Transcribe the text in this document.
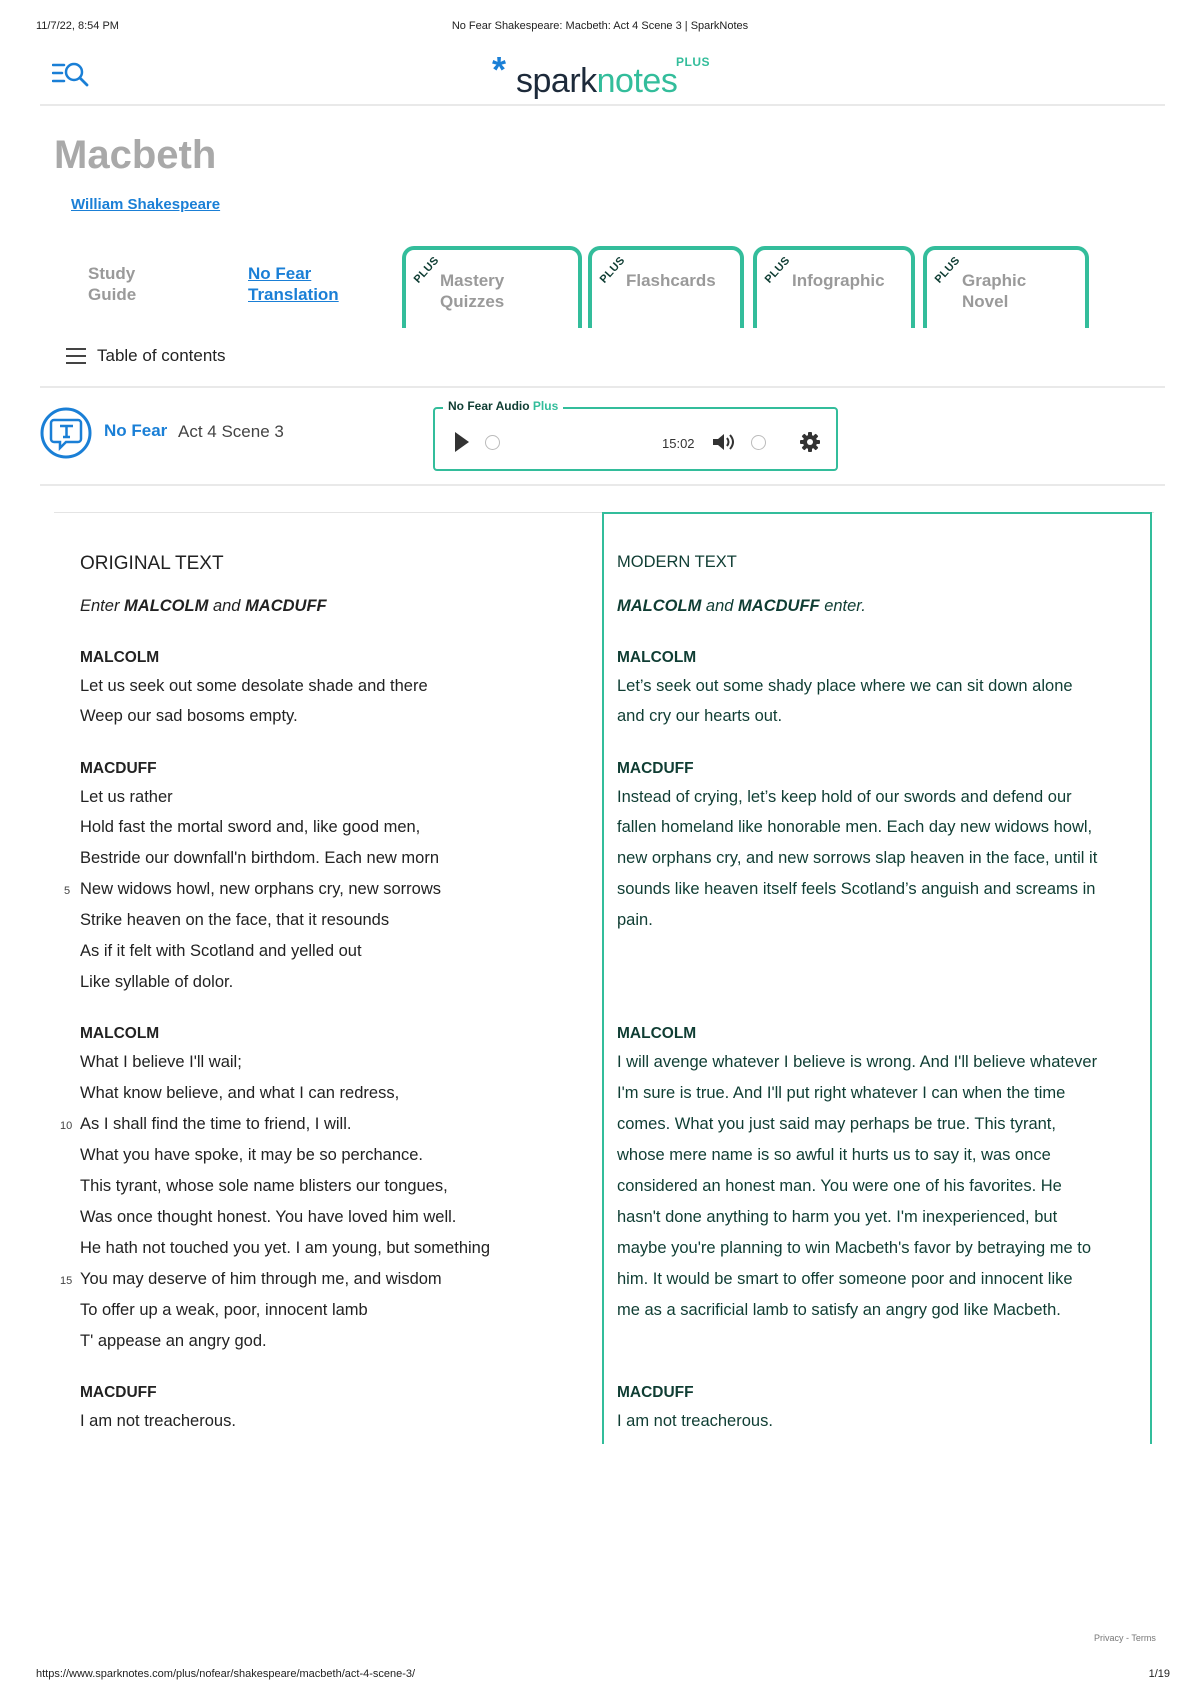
11/7/22, 8:54 PM	No Fear Shakespeare: Macbeth: Act 4 Scene 3 | SparkNotes
https://www.sparknotes.com/plus/nofear/shakespeare/macbeth/act-4-scene-3/	1/19
* sparknotes
PLUS
Macbeth
William Shakespeare
Study
Guide
No Fear
Translation
PLUS
Mastery
Quizzes
PLUS
Flashcards	PLUS Infographic	PLUS Graphic
Novel
Table of contents
No Fear Act 4 Scene 3
No Fear Audio Plus
15:02
ORIGINAL TEXT	MODERN TEXT
Enter MALCOLM and MACDUFF	MALCOLM and MACDUFF enter.
MALCOLM
Let us seek out some desolate shade and there
Weep our sad bosoms empty.
MACDUFF
Let us rather
Hold fast the mortal sword and, like good men,
Bestride our downfall'n birthdom. Each new morn
New widows howl, new orphans cry, new sorrows
Strike heaven on the face, that it resounds
As if it felt with Scotland and yelled out
Like syllable of dolor.
MALCOLM
What I believe I'll wail;
What know believe, and what I can redress,
As I shall find the time to friend, I will.
What you have spoke, it may be so perchance.
This tyrant, whose sole name blisters our tongues,
Was once thought honest. You have loved him well.
He hath not touched you yet. I am young, but something
You may deserve of him through me, and wisdom
To offer up a weak, poor, innocent lamb
T' appease an angry god.
MACDUFF
I am not treacherous.
5
10
15
MALCOLM
Let’s seek out some shady place where we can sit down alone
and cry our hearts out.
MACDUFF
Instead of crying, let’s keep hold of our swords and defend our
fallen homeland like honorable men. Each day new widows howl,
new orphans cry, and new sorrows slap heaven in the face, until it
sounds like heaven itself feels Scotland’s anguish and screams in
pain.
MALCOLM
I will avenge whatever I believe is wrong. And I'll believe whatever
I'm sure is true. And I'll put right whatever I can when the time
comes. What you just said may perhaps be true. This tyrant,
whose mere name is so awful it hurts us to say it, was once
considered an honest man. You were one of his favorites. He
hasn't done anything to harm you yet. I'm inexperienced, but
maybe you're planning to win Macbeth's favor by betraying me to
him. It would be smart to offer someone poor and innocent like
me as a sacrificial lamb to satisfy an angry god like Macbeth.
MACDUFF
I am not treacherous.
Privacy - Terms
